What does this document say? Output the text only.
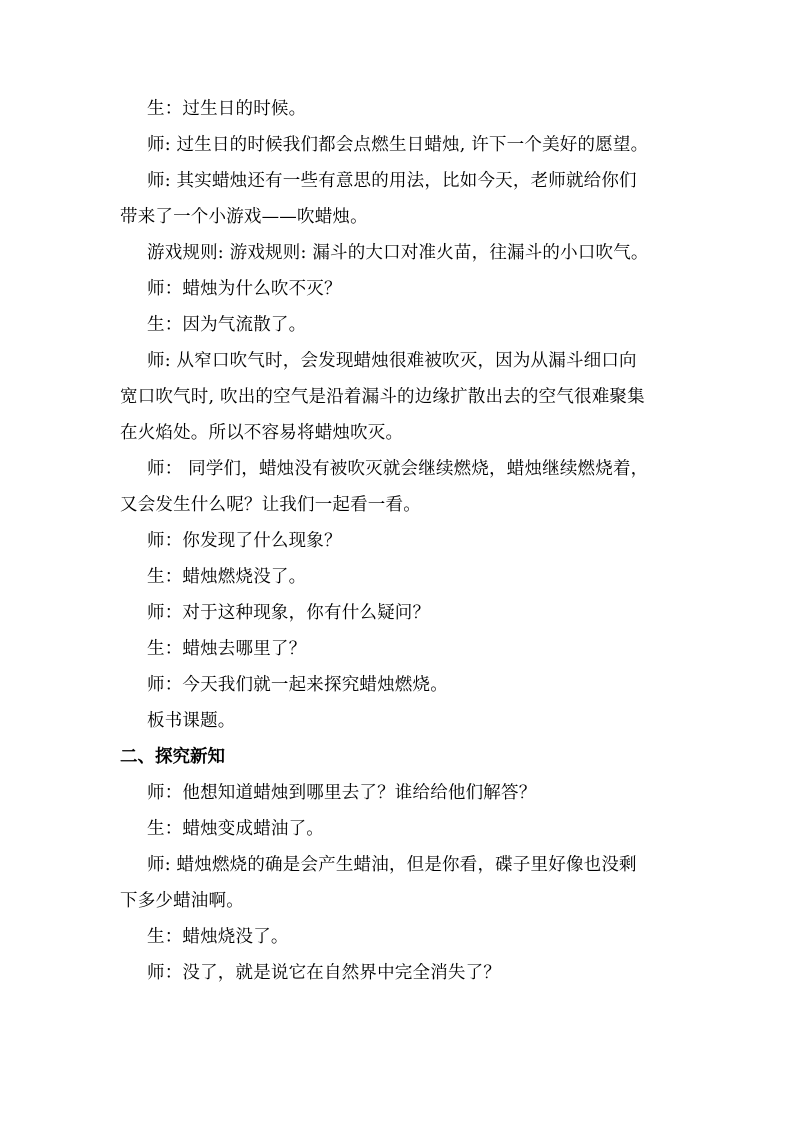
生：过生日的时候。
师: 过生日的时候我们都会点燃生日蜡烛, 许下一个美好的愿望。
师: 其实蜡烛还有一些有意思的用法，比如今天，老师就给你们
带来了一个小游戏——吹蜡烛。
游戏规则: 游戏规则: 漏斗的大口对准火苗，往漏斗的小口吹气。
师：蜡烛为什么吹不灭？
生：因为气流散了。
师: 从窄口吹气时，会发现蜡烛很难被吹灭，因为从漏斗细口向
宽口吹气时, 吹出的空气是沿着漏斗的边缘扩散出去的空气很难聚集
在火焰处。所以不容易将蜡烛吹灭。
师： 同学们，蜡烛没有被吹灭就会继续燃烧，蜡烛继续燃烧着，
又会发生什么呢？让我们一起看一看。
师：你发现了什么现象？
生：蜡烛燃烧没了。
师：对于这种现象，你有什么疑问？
生：蜡烛去哪里了？
师：今天我们就一起来探究蜡烛燃烧。
板书课题。
二、探究新知
师：他想知道蜡烛到哪里去了？谁给给他们解答？
生：蜡烛变成蜡油了。
师: 蜡烛燃烧的确是会产生蜡油，但是你看，碟子里好像也没剩
下多少蜡油啊。
生：蜡烛烧没了。
师：没了，就是说它在自然界中完全消失了？
